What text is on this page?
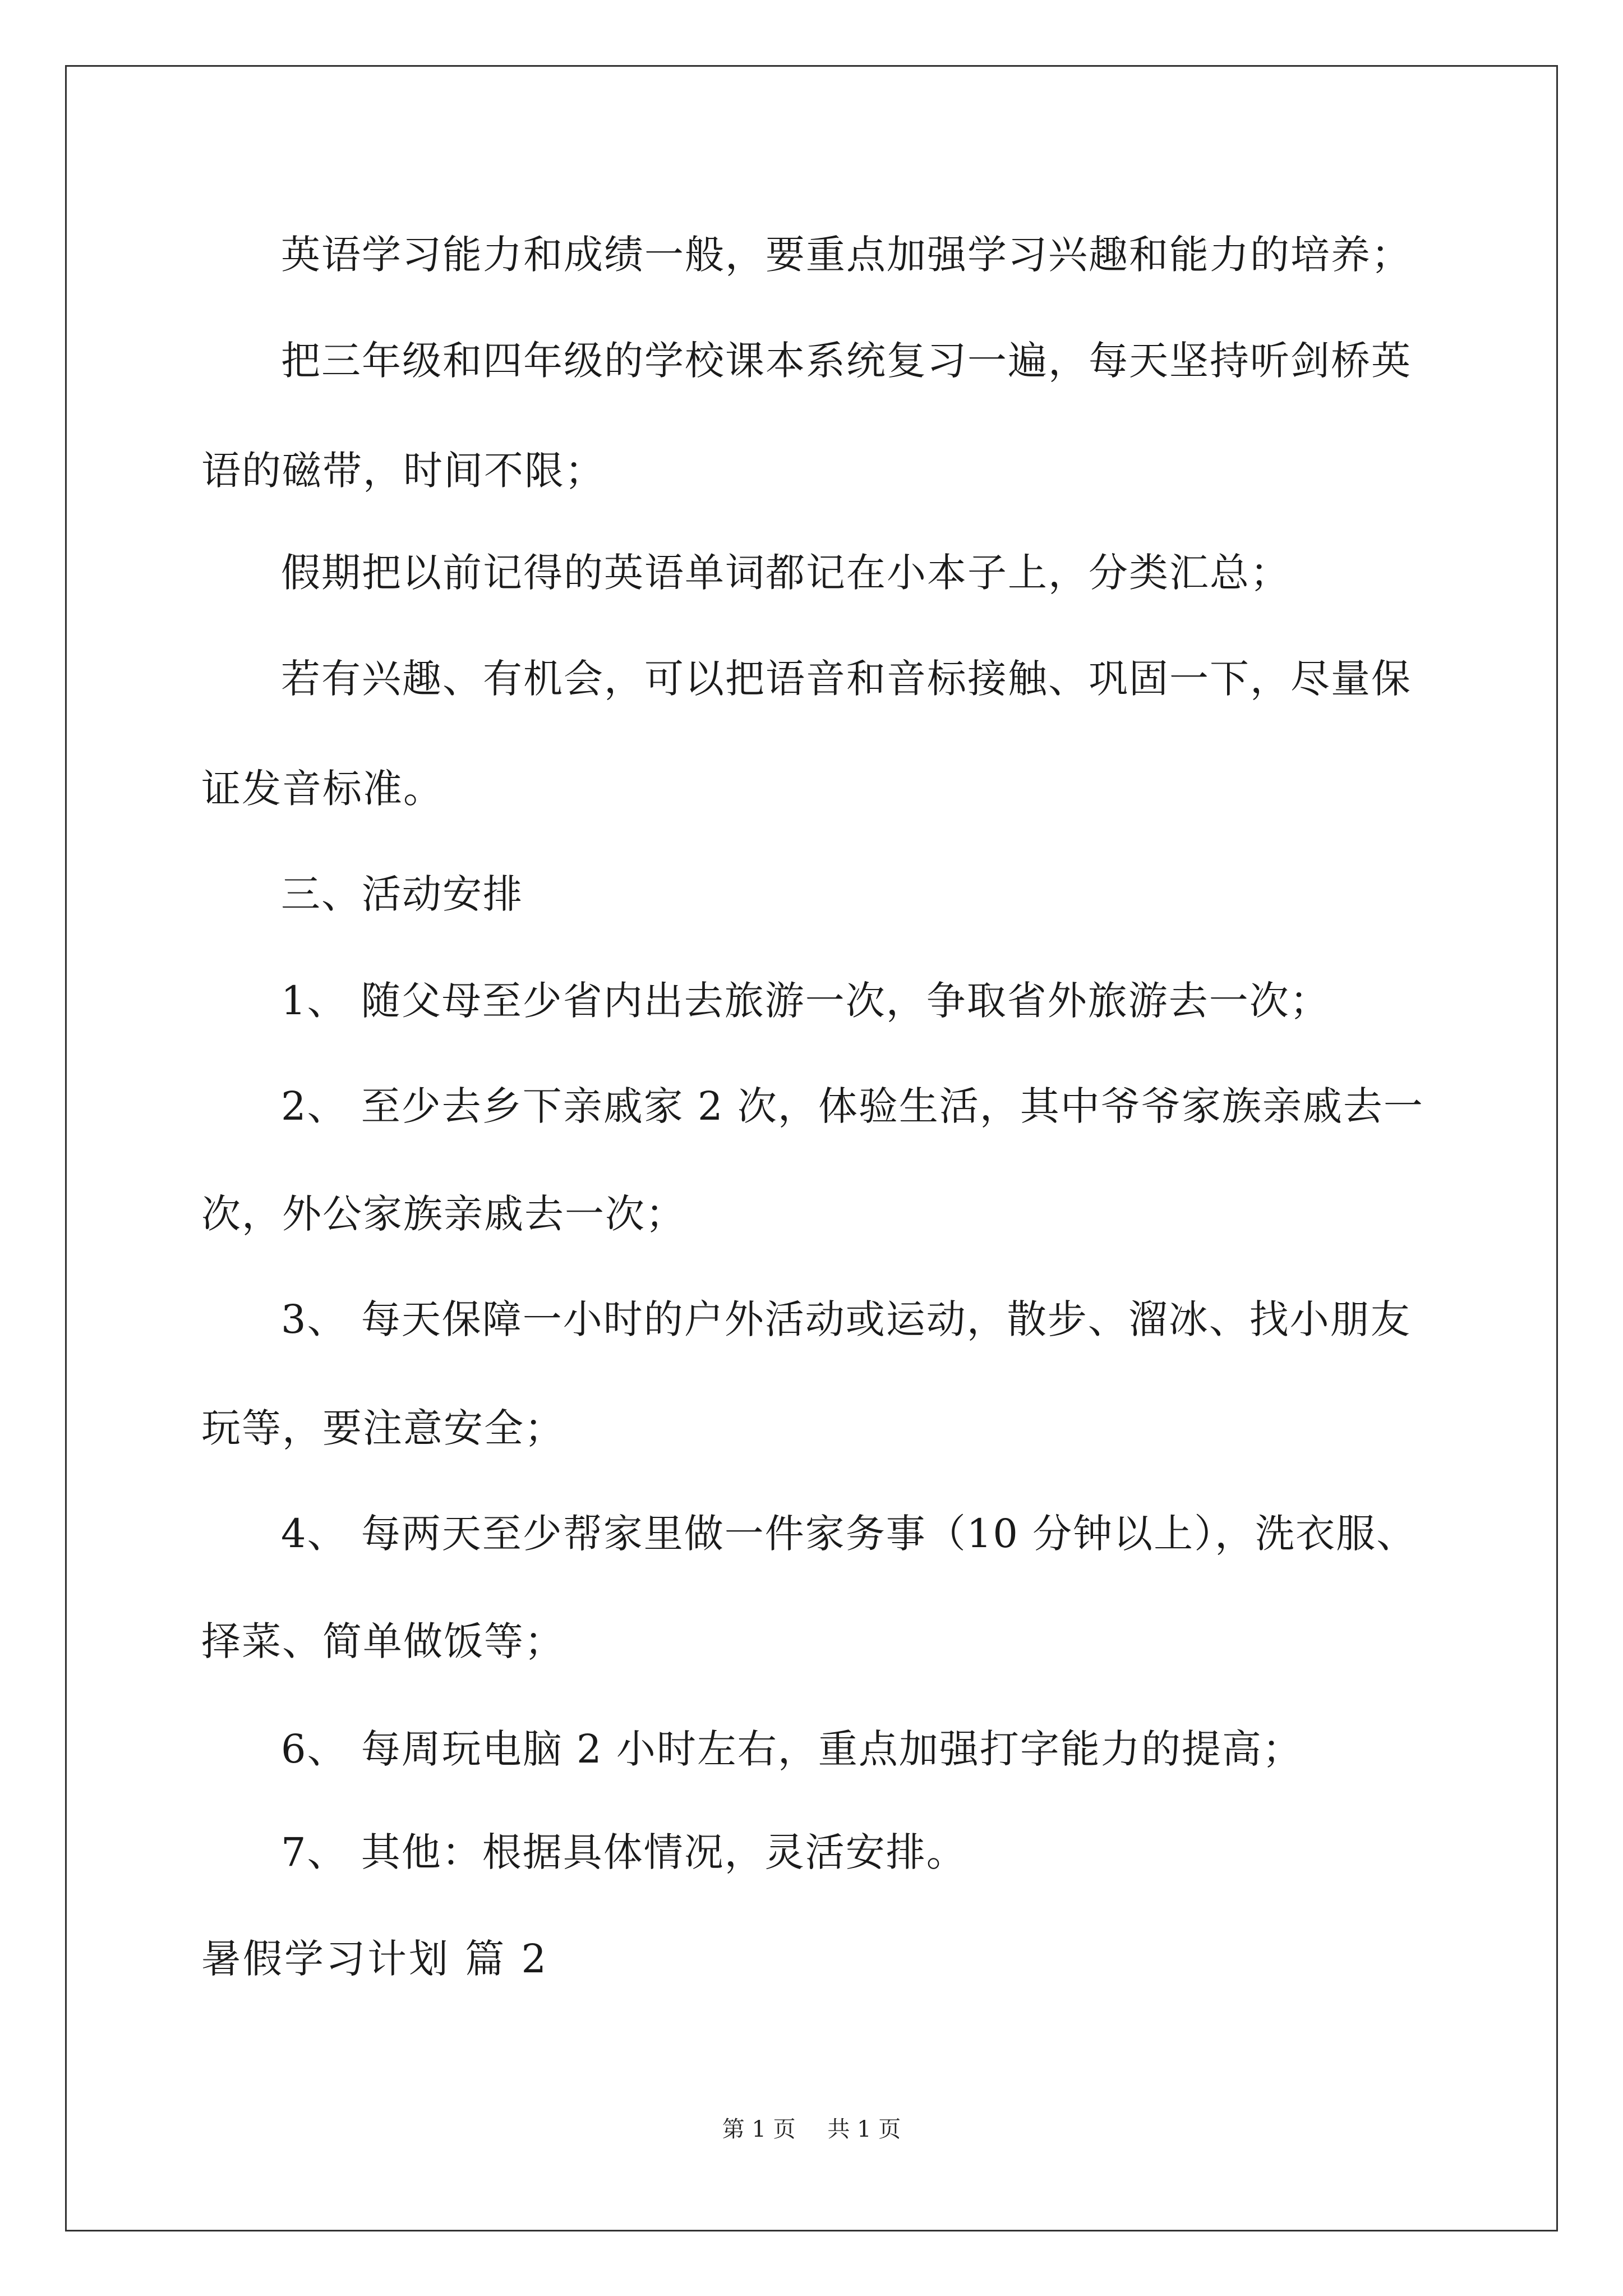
英语学习能力和成绩一般，要重点加强学习兴趣和能力的培养；
把三年级和四年级的学校课本系统复习一遍，每天坚持听剑桥英
语的磁带，时间不限；
假期把以前记得的英语单词都记在小本子上，分类汇总；
若有兴趣、有机会，可以把语音和音标接触、巩固一下，尽量保
证发音标准。
三、活动安排
1、 随父母至少省内出去旅游一次，争取省外旅游去一次；
2、 至少去乡下亲戚家 2 次，体验生活，其中爷爷家族亲戚去一
次，外公家族亲戚去一次；
3、 每天保障一小时的户外活动或运动，散步、溜冰、找小朋友
玩等，要注意安全；
4、 每两天至少帮家里做一件家务事（10 分钟以上），洗衣服、
择菜、简单做饭等；
6、 每周玩电脑 2 小时左右，重点加强打字能力的提高；
7、 其他：根据具体情况，灵活安排。
暑假学习计划 篇 2
第 1 页 共 1 页
